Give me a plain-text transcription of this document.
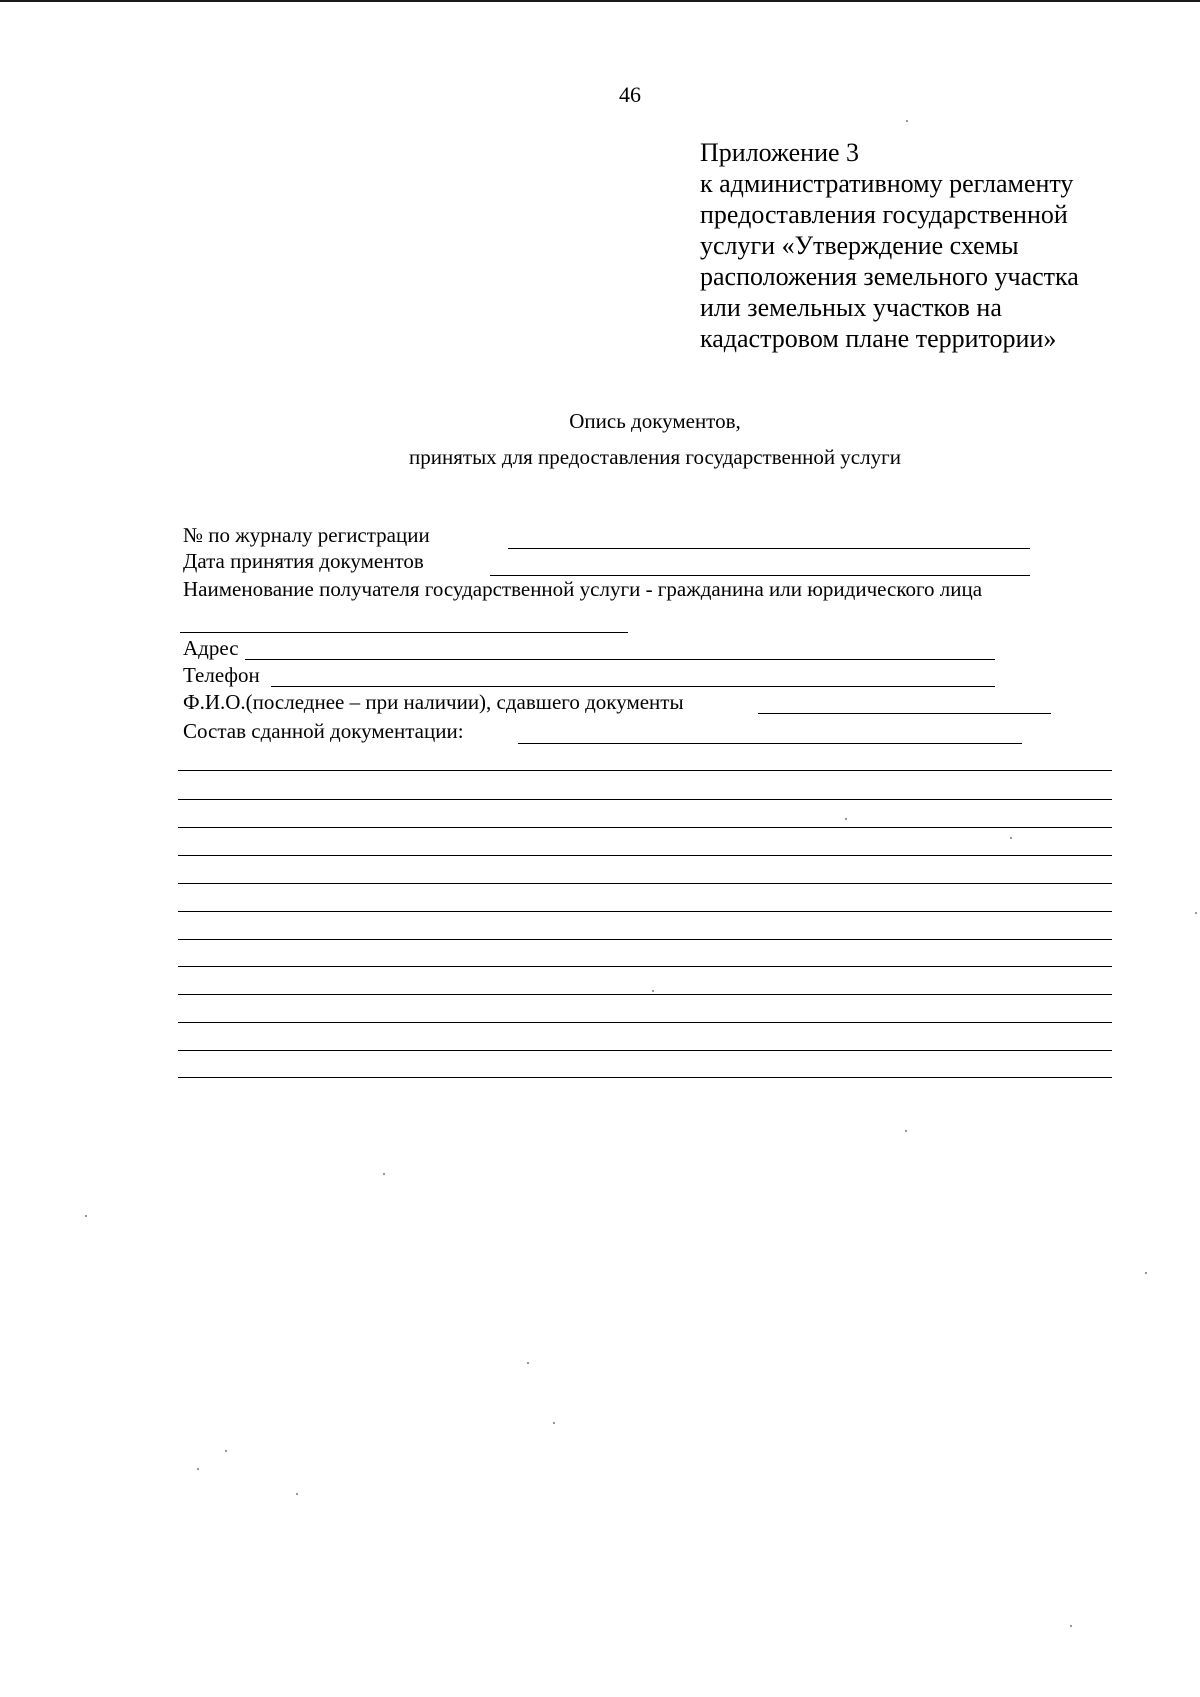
46
Приложение 3
к административному регламенту
предоставления государственной
услуги «Утверждение схемы
расположения земельного участка
или земельных участков на
кадастровом плане территории»
Опись документов,
принятых для предоставления государственной услуги
№ по журналу регистрации
Дата принятия документов
Наименование получателя государственной услуги - гражданина или юридического лица
Адрес
Телефон
Ф.И.О.(последнее – при наличии), сдавшего документы
Состав сданной документации:
